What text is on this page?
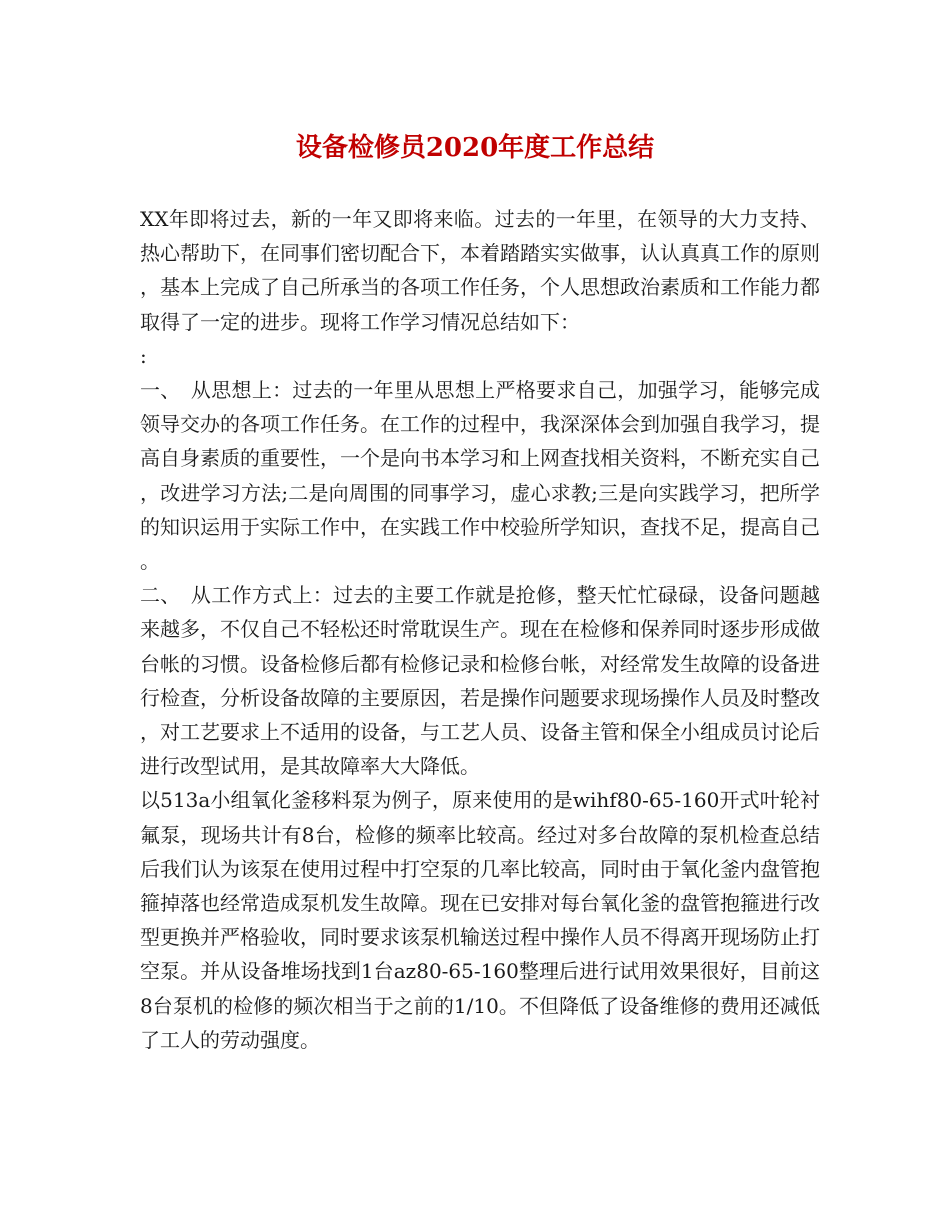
设备检修员2020年度工作总结

XX年即将过去，新的一年又即将来临。过去的一年里，在领导的大力支持、热心帮助下，在同事们密切配合下，本着踏踏实实做事，认认真真工作的原则，基本上完成了自己所承当的各项工作任务，个人思想政治素质和工作能力都取得了一定的进步。现将工作学习情况总结如下：

:

一、　从思想上：过去的一年里从思想上严格要求自己，加强学习，能够完成领导交办的各项工作任务。在工作的过程中，我深深体会到加强自我学习，提高自身素质的重要性，一个是向书本学习和上网查找相关资料，不断充实自己，改进学习方法;二是向周围的同事学习，虚心求教;三是向实践学习，把所学的知识运用于实际工作中，在实践工作中校验所学知识，查找不足，提高自己。

二、　从工作方式上：过去的主要工作就是抢修，整天忙忙碌碌，设备问题越来越多，不仅自己不轻松还时常耽误生产。现在在检修和保养同时逐步形成做台帐的习惯。设备检修后都有检修记录和检修台帐，对经常发生故障的设备进行检查，分析设备故障的主要原因，若是操作问题要求现场操作人员及时整改，对工艺要求上不适用的设备，与工艺人员、设备主管和保全小组成员讨论后进行改型试用，是其故障率大大降低。

以513a小组氧化釜移料泵为例子，原来使用的是wihf80-65-160开式叶轮衬氟泵，现场共计有8台，检修的频率比较高。经过对多台故障的泵机检查总结后我们认为该泵在使用过程中打空泵的几率比较高，同时由于氧化釜内盘管抱箍掉落也经常造成泵机发生故障。现在已安排对每台氧化釜的盘管抱箍进行改型更换并严格验收，同时要求该泵机输送过程中操作人员不得离开现场防止打空泵。并从设备堆场找到1台az80-65-160整理后进行试用效果很好，目前这8台泵机的检修的频次相当于之前的1/10。不但降低了设备维修的费用还减低了工人的劳动强度。
